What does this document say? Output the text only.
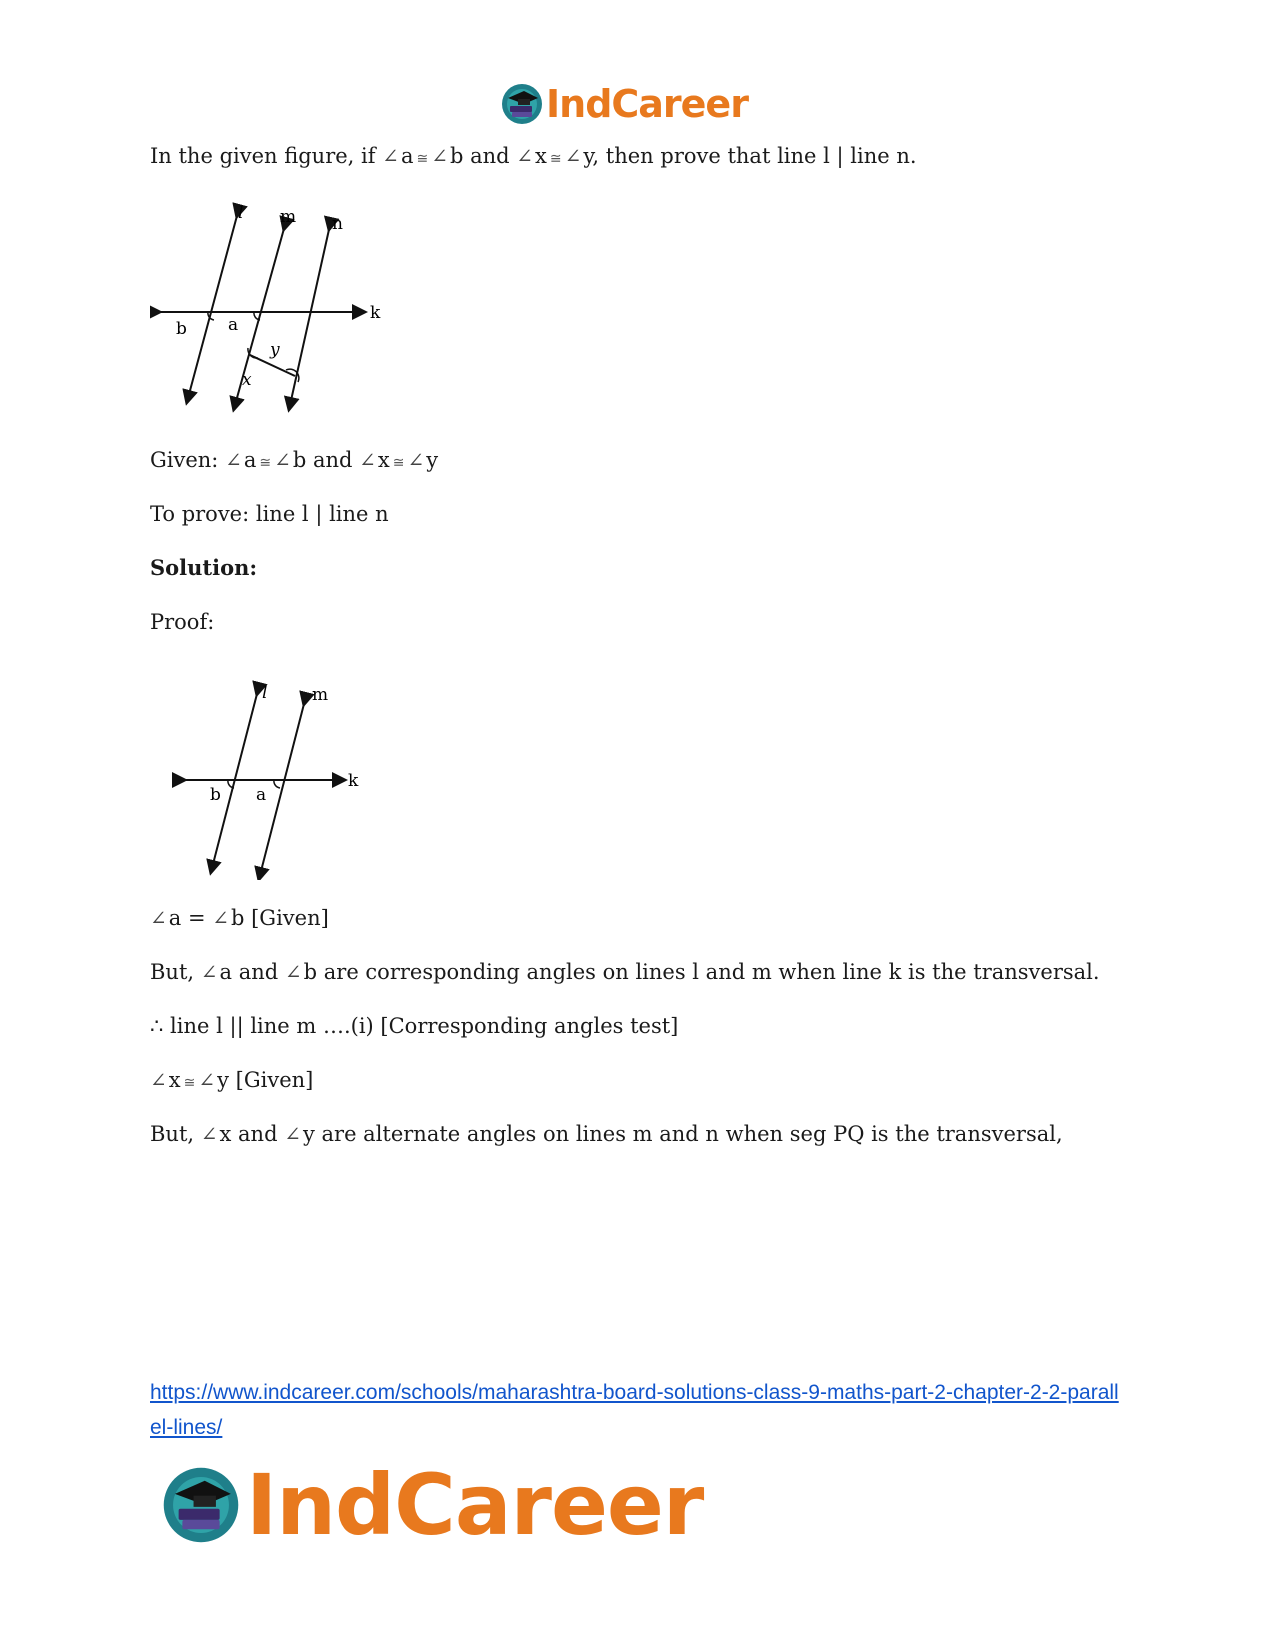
IndCareer
In the given figure, if ∠a ≅ ∠b and ∠x ≅ ∠y, then prove that line l | line n.
l m n
k
b a
x
y
Given: ∠a ≅ ∠b and ∠x ≅ ∠y
To prove: line l | line n
Solution:
Proof:
l	m
k
b a
∠a = ∠b [Given]
But, ∠a and ∠b are corresponding angles on lines l and m when line k is the transversal.
∴ line l || line m ….(i) [Corresponding angles test]
∠x ≅ ∠y [Given]
But, ∠x and ∠y are alternate angles on lines m and n when seg PQ is the transversal,
https://www.indcareer.com/schools/maharashtra-board-solutions-class-9-maths-part-2-chapter-2-2-parallel-lines/
IndCareer
